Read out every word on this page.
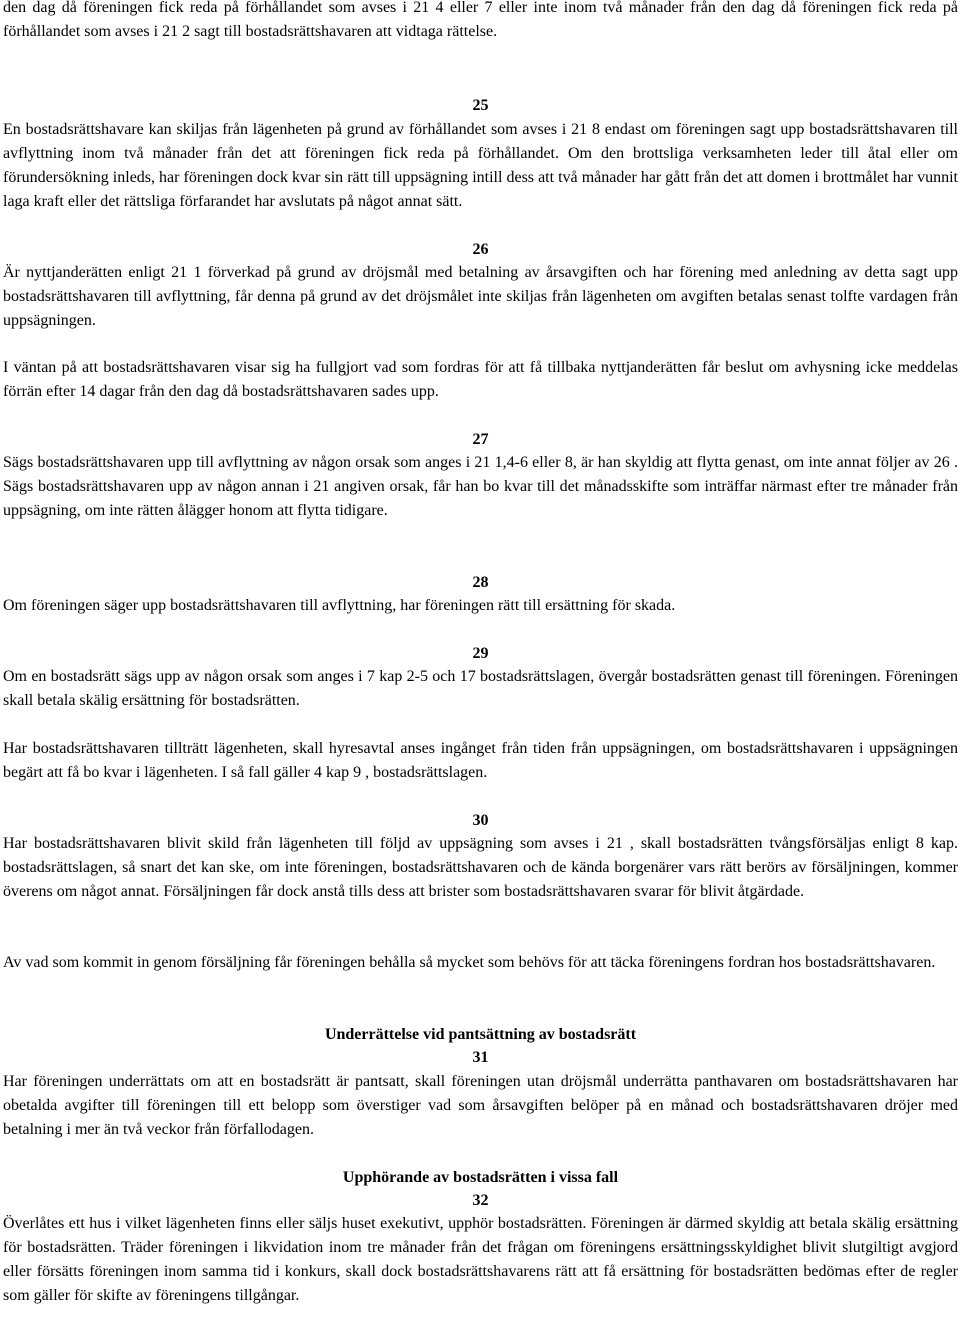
den dag då föreningen fick reda på förhållandet som avses i 21 4 eller 7 eller inte inom två månader från den dag då föreningen fick reda på förhållandet som avses i 21 2 sagt till bostadsrättshavaren att vidtaga rättelse.

25

En bostadsrättshavare kan skiljas från lägenheten på grund av förhållandet som avses i 21 8 endast om föreningen sagt upp bostadsrättshavaren till avflyttning inom två månader från det att föreningen fick reda på förhållandet. Om den brottsliga verksamheten leder till åtal eller om förundersökning inleds, har föreningen dock kvar sin rätt till uppsägning intill dess att två månader har gått från det att domen i brottmålet har vunnit laga kraft eller det rättsliga förfarandet har avslutats på något annat sätt.

26

Är nyttjanderätten enligt 21 1 förverkad på grund av dröjsmål med betalning av årsavgiften och har förening med anledning av detta sagt upp bostadsrättshavaren till avflyttning, får denna på grund av det dröjsmålet inte skiljas från lägenheten om avgiften betalas senast tolfte vardagen från uppsägningen.

I väntan på att bostadsrättshavaren visar sig ha fullgjort vad som fordras för att få tillbaka nyttjanderätten får beslut om avhysning icke meddelas förrän efter 14 dagar från den dag då bostadsrättshavaren sades upp.

27

Sägs bostadsrättshavaren upp till avflyttning av någon orsak som anges i 21 1,4-6 eller 8, är han skyldig att flytta genast, om inte annat följer av 26 . Sägs bostadsrättshavaren upp av någon annan i 21 angiven orsak, får han bo kvar till det månadsskifte som inträffar närmast efter tre månader från uppsägning, om inte rätten ålägger honom att flytta tidigare.

28

Om föreningen säger upp bostadsrättshavaren till avflyttning, har föreningen rätt till ersättning för skada.

29

Om en bostadsrätt sägs upp av någon orsak som anges i 7 kap 2-5 och 17 bostadsrättslagen, övergår bostadsrätten genast till föreningen. Föreningen skall betala skälig ersättning för bostadsrätten.

Har bostadsrättshavaren tillträtt lägenheten, skall hyresavtal anses ingånget från tiden från uppsägningen, om bostadsrättshavaren i uppsägningen begärt att få bo kvar i lägenheten. I så fall gäller 4 kap 9 , bostadsrättslagen.

30

Har bostadsrättshavaren blivit skild från lägenheten till följd av uppsägning som avses i 21 , skall bostadsrätten tvångsförsäljas enligt 8 kap. bostadsrättslagen, så snart det kan ske, om inte föreningen, bostadsrättshavaren och de kända borgenärer vars rätt berörs av försäljningen, kommer överens om något annat. Försäljningen får dock anstå tills dess att brister som bostadsrättshavaren svarar för blivit åtgärdade.

Av vad som kommit in genom försäljning får föreningen behålla så mycket som behövs för att täcka föreningens fordran hos bostadsrättshavaren.

Underrättelse vid pantsättning av bostadsrätt

31

Har föreningen underrättats om att en bostadsrätt är pantsatt, skall föreningen utan dröjsmål underrätta panthavaren om bostadsrättshavaren har obetalda avgifter till föreningen till ett belopp som överstiger vad som årsavgiften belöper på en månad och bostadsrättshavaren dröjer med betalning i mer än två veckor från förfallodagen.

Upphörande av bostadsrätten i vissa fall

32

Överlåtes ett hus i vilket lägenheten finns eller säljs huset exekutivt, upphör bostadsrätten. Föreningen är därmed skyldig att betala skälig ersättning för bostadsrätten. Träder föreningen i likvidation inom tre månader från det frågan om föreningens ersättningsskyldighet blivit slutgiltigt avgjord eller försätts föreningen inom samma tid i konkurs, skall dock bostadsrättshavarens rätt att få ersättning för bostadsrätten bedömas efter de regler som gäller för skifte av föreningens tillgångar.
